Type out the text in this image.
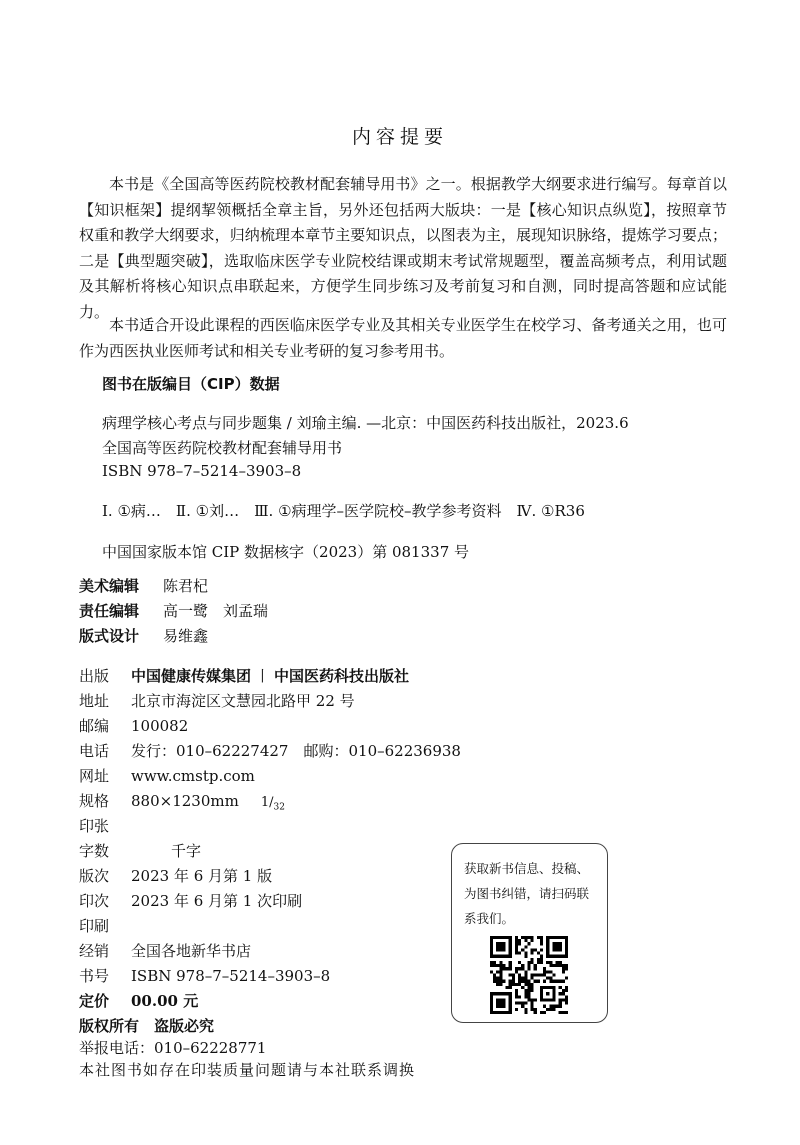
内容提要
本书是《全国高等医药院校教材配套辅导用书》之一。根据教学大纲要求进行编写。每章首以【知识框架】提纲挈领概括全章主旨，另外还包括两大版块：一是【核心知识点纵览】，按照章节权重和教学大纲要求，归纳梳理本章节主要知识点，以图表为主，展现知识脉络，提炼学习要点；二是【典型题突破】，选取临床医学专业院校结课或期末考试常规题型，覆盖高频考点，利用试题及其解析将核心知识点串联起来，方便学生同步练习及考前复习和自测，同时提高答题和应试能力。
本书适合开设此课程的西医临床医学专业及其相关专业医学生在校学习、备考通关之用，也可作为西医执业医师考试和相关专业考研的复习参考用书。
图书在版编目（CIP）数据
病理学核心考点与同步题集 / 刘瑜主编. —北京：中国医药科技出版社，2023.6
全国高等医药院校教材配套辅导用书
ISBN 978–7–5214–3903–8
Ⅰ. ①病…　Ⅱ. ①刘…　Ⅲ. ①病理学–医学院校–教学参考资料　Ⅳ. ①R36
中国国家版本馆 CIP 数据核字（2023）第 081337 号
美术编辑 陈君杞
责任编辑 高一鹭　刘孟瑞
版式设计 易维鑫
出版 中国健康传媒集团 丨 中国医药科技出版社
地址 北京市海淀区文慧园北路甲 22 号
邮编 100082
电话 发行：010–62227427　邮购：010–62236938
网址 www.cmstp.com
规格 880×1230mm $1/_{32}$
印张
字数	千字
版次 2023 年 6 月第 1 版
印次 2023 年 6 月第 1 次印刷
印刷
经销 全国各地新华书店
书号 ISBN 978–7–5214–3903–8
定价 00.00 元
版权所有　盗版必究
举报电话：010–62228771
本社图书如存在印装质量问题请与本社联系调换
获取新书信息、投稿、为图书纠错，请扫码联系我们。
